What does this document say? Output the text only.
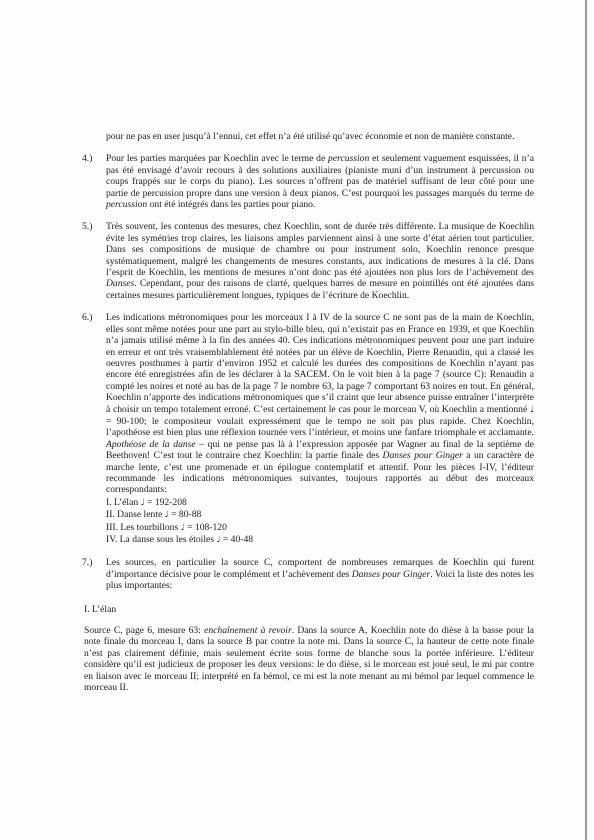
pour ne pas en user jusqu’à l’ennui, cet effet n’a été utilisé qu’avec économie et non de manière constante.

4.) Pour les parties marquées par Koechlin avec le terme de percussion et seulement vaguement esquissées, il n’a pas été envisagé d’avoir recours à des solutions auxiliaires (pianiste muni d’un instrument à percussion ou coups frappés sur le corps du piano). Les sources n’offrent pas de matériel suffisant de leur côté pour une partie de percussion propre dans une version à deux pianos. C’est pourquoi les passages marqués du terme de percussion ont été intégrés dans les parties pour piano.

5.) Très souvent, les contenus des mesures, chez Koechlin, sont de durée très différente. La musique de Koechlin évite les symétries trop claires, les liaisons amples parviennent ainsi à une sorte d’état aérien tout particulier. Dans ses compositions de musique de chambre ou pour instrument solo, Koechlin renonce presque systématiquement, malgré les changements de mesures constants, aux indications de mesures à la clé. Dans l’esprit de Koechlin, les mentions de mesures n’ont donc pas été ajoutées non plus lors de l’achèvement des Danses. Cependant, pour des raisons de clarté, quelques barres de mesure en pointillés ont été ajoutées dans certaines mesures particulièrement longues, typiques de l’écriture de Koechlin.

6.) Les indications métronomiques pour les morceaux I à IV de la source C ne sont pas de la main de Koechlin, elles sont même notées pour une part au stylo-bille bleu, qui n’existait pas en France en 1939, et que Koechlin n’a jamais utilisé même à la fin des années 40. Ces indications métronomiques peuvent pour une part induire en erreur et ont très vraisemblablement été notées par un élève de Koechlin, Pierre Renaudin, qui a classé les oeuvres posthumes à partir d’environ 1952 et calculé les durées des compositions de Koechlin n’ayant pas encore été enregistrées afin de les déclarer à la SACEM. On le voit bien à la page 7 (source C): Renaudin a compté les noires et noté au bas de la page 7 le nombre 63, la page 7 comportant 63 noires en tout. En général, Koechlin n’apporte des indications métronomiques que s’il craint que leur absence puisse entraîner l’interprète à choisir un tempo totalement erroné. C’est certainement le cas pour le morceau V, où Koechlin a mentionné ♩ = 90-100; le compositeur voulait expressément que le tempo ne soit pas plus rapide. Chez Koechlin, l’apothéose est bien plus une réflexion tournée vers l’intérieur, et moins une fanfare triomphale et acclamante. Apothéose de la danse – qui ne pense pas là à l’expression apposée par Wagner au final de la septième de Beethoven! C’est tout le contraire chez Koechlin: la partie finale des Danses pour Ginger a un caractère de marche lente, c’est une promenade et un épilogue contemplatif et attentif. Pour les pièces I-IV, l’éditeur recommande les indications métronomiques suivantes, toujours rapportés au début des morceaux correspondants:

I. L’élan ♩ = 192-208
II. Danse lente ♩ = 80-88
III. Les tourbillons ♩ = 108-120
IV. La danse sous les étoiles ♩ = 40-48
7.) Les sources, en particulier la source C, comportent de nombreuses remarques de Koechlin qui furent d’importance décisive pour le complément et l’achèvement des Danses pour Ginger. Voici la liste des notes les plus importantes:

I. L’élan

Source C, page 6, mesure 63: enchaînement à revoir. Dans la source A, Koechlin note do dièse à la basse pour la note finale du morceau I, dans la source B par contre la note mi. Dans la source C, la hauteur de cette note finale n’est pas clairement définie, mais seulement écrite sous forme de blanche sous la portée inférieure. L’éditeur considère qu’il est judicieux de proposer les deux versions: le do dièse, si le morceau est joué seul, le mi par contre en liaison avec le morceau II; interprété en fa bémol, ce mi est la note menant au mi bémol par lequel commence le morceau II.
